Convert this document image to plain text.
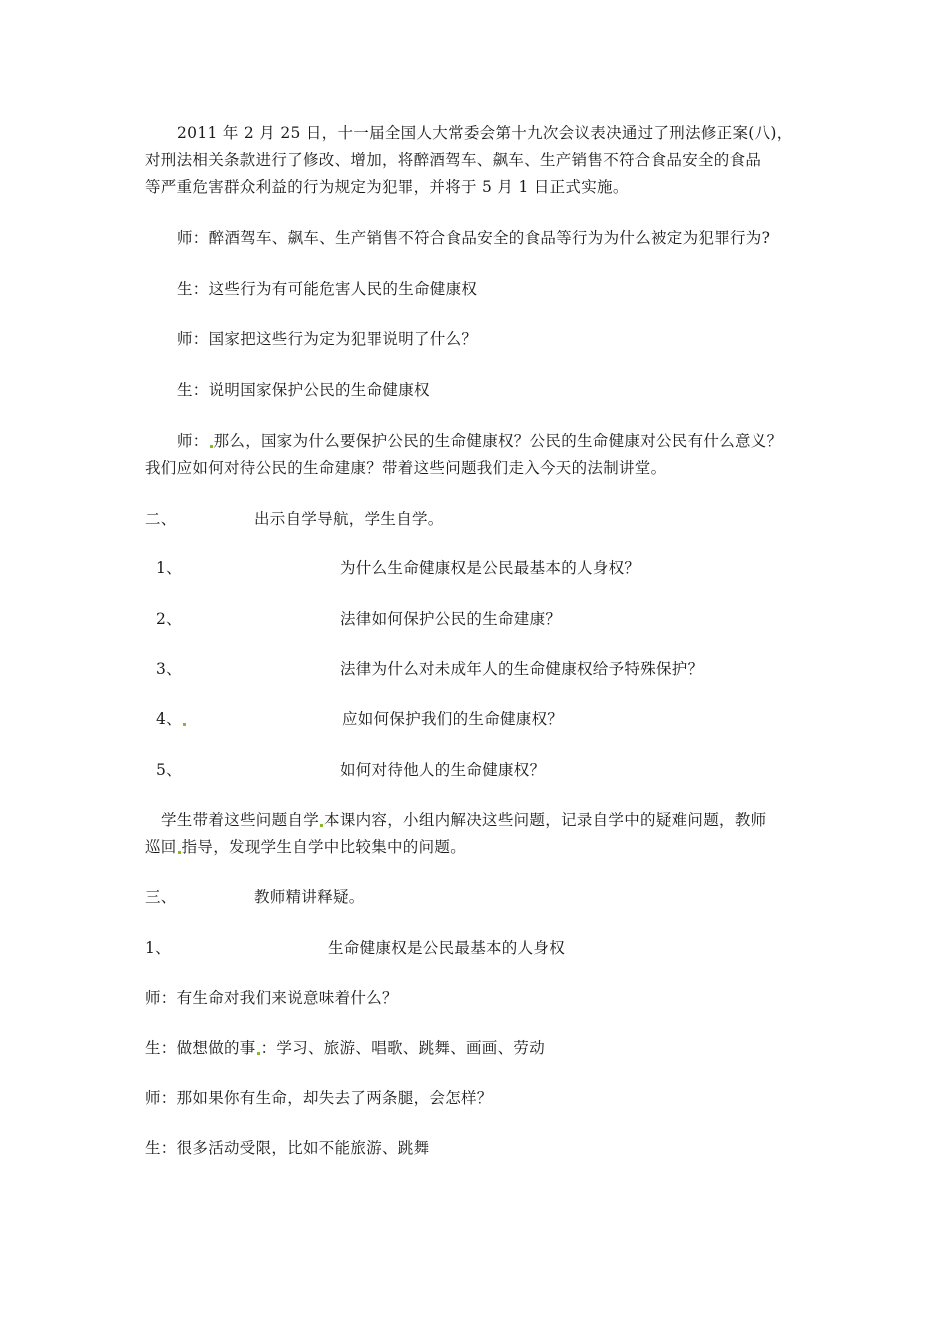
2011 年 2 月 25 日，十一届全国人大常委会第十九次会议表决通过了刑法修正案(八)，
对刑法相关条款进行了修改、增加，将醉酒驾车、飙车、生产销售不符合食品安全的食品
等严重危害群众利益的行为规定为犯罪，并将于 5 月 1 日正式实施。
师：醉酒驾车、飙车、生产销售不符合食品安全的食品等行为为什么被定为犯罪行为?
生：这些行为有可能危害人民的生命健康权
师：国家把这些行为定为犯罪说明了什么？
生：说明国家保护公民的生命健康权
师： 那么，国家为什么要保护公民的生命健康权？公民的生命健康对公民有什么意义？
我们应如何对待公民的生命建康？带着这些问题我们走入今天的法制讲堂。
二、	出示自学导航，学生自学。
1、	为什么生命健康权是公民最基本的人身权？
2、	法律如何保护公民的生命建康？
3、	法律为什么对未成年人的生命健康权给予特殊保护？
4、	应如何保护我们的生命健康权？
5、	如何对待他人的生命健康权？
学生带着这些问题自学 本课内容，小组内解决这些问题，记录自学中的疑难问题，教师
巡回 指导，发现学生自学中比较集中的问题。
三、	教师精讲释疑。
1、	生命健康权是公民最基本的人身权
师：有生命对我们来说意味着什么？
生：做想做的事 ：学习、旅游、唱歌、跳舞、画画、劳动
师：那如果你有生命，却失去了两条腿，会怎样？
生：很多活动受限，比如不能旅游、跳舞
